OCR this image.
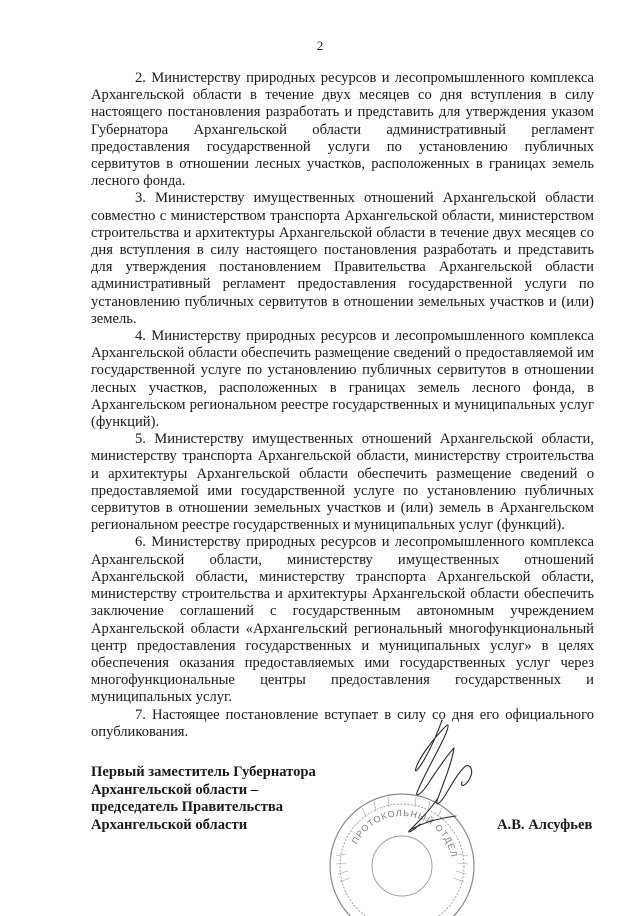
2

2. Министерству природных ресурсов и лесопромышленного комплекса Архангельской области в течение двух месяцев со дня вступления в силу настоящего постановления разработать и представить для утверждения указом Губернатора Архангельской области административный регламент предоставления государственной услуги по установлению публичных сервитутов в отношении лесных участков, расположенных в границах земель лесного фонда.

3. Министерству имущественных отношений Архангельской области совместно с министерством транспорта Архангельской области, министерством строительства и архитектуры Архангельской области в течение двух месяцев со дня вступления в силу настоящего постановления разработать и представить для утверждения постановлением Правительства Архангельской области административный регламент предоставления государственной услуги по установлению публичных сервитутов в отношении земельных участков и (или) земель.

4. Министерству природных ресурсов и лесопромышленного комплекса Архангельской области обеспечить размещение сведений о предоставляемой им государственной услуге по установлению публичных сервитутов в отношении лесных участков, расположенных в границах земель лесного фонда, в Архангельском региональном реестре государственных и муниципальных услуг (функций).

5. Министерству имущественных отношений Архангельской области, министерству транспорта Архангельской области, министерству строительства и архитектуры Архангельской области обеспечить размещение сведений о предоставляемой ими государственной услуге по установлению публичных сервитутов в отношении земельных участков и (или) земель в Архангельском региональном реестре государственных и муниципальных услуг (функций).

6. Министерству природных ресурсов и лесопромышленного комплекса Архангельской области, министерству имущественных отношений Архангельской области, министерству транспорта Архангельской области, министерству строительства и архитектуры Архангельской области обеспечить заключение соглашений с государственным автономным учреждением Архангельской области «Архангельский региональный многофункциональный центр предоставления государственных и муниципальных услуг» в целях обеспечения оказания предоставляемых ими государственных услуг через многофункциональные центры предоставления государственных и муниципальных услуг.

7. Настоящее постановление вступает в силу со дня его официального опубликования.

Первый заместитель Губернатора
Архангельской области –
председатель Правительства
Архангельской области	А.В. Алсуфьев
ПРОТОКОЛЬНЫЙ ОТДЕЛ
